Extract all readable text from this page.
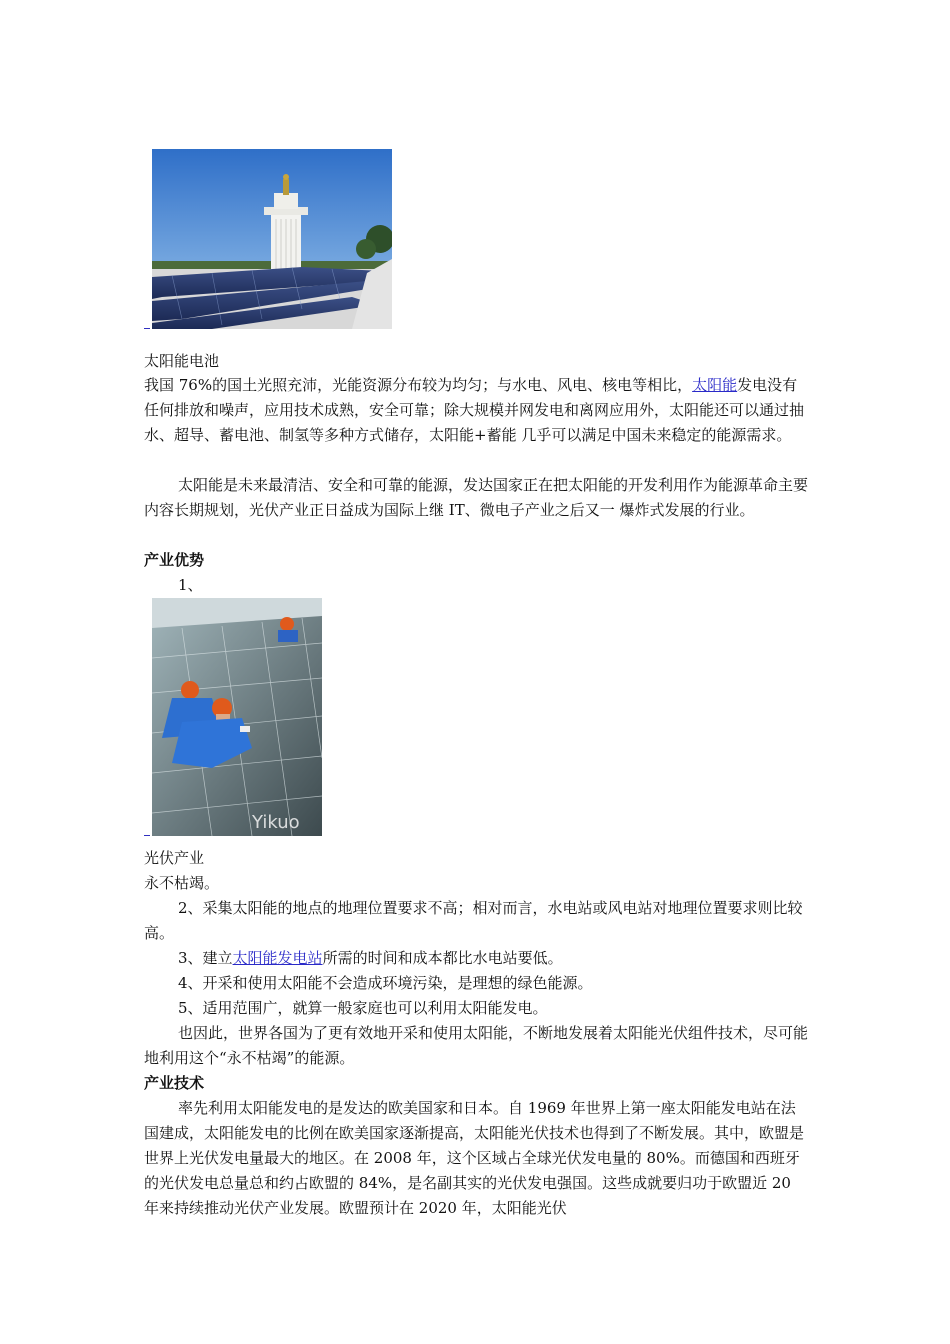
太阳能电池

我国 76%的国土光照充沛，光能资源分布较为均匀；与水电、风电、核电等相比，太阳能发电没有任何排放和噪声，应用技术成熟，安全可靠；除大规模并网发电和离网应用外，太阳能还可以通过抽水、超导、蓄电池、制氢等多种方式储存，太阳能+蓄能 几乎可以满足中国未来稳定的能源需求。

太阳能是未来最清洁、安全和可靠的能源，发达国家正在把太阳能的开发利用作为能源革命主要内容长期规划，光伏产业正日益成为国际上继 IT、微电子产业之后又一 爆炸式发展的行业。

产业优势

1、

Yikuo

光伏产业

永不枯竭。

2、采集太阳能的地点的地理位置要求不高；相对而言，水电站或风电站对地理位置要求则比较高。

3、建立太阳能发电站所需的时间和成本都比水电站要低。

4、开采和使用太阳能不会造成环境污染，是理想的绿色能源。

5、适用范围广，就算一般家庭也可以利用太阳能发电。

也因此，世界各国为了更有效地开采和使用太阳能，不断地发展着太阳能光伏组件技术，尽可能地利用这个“永不枯竭”的能源。

产业技术

率先利用太阳能发电的是发达的欧美国家和日本。自 1969 年世界上第一座太阳能发电站在法国建成，太阳能发电的比例在欧美国家逐渐提高，太阳能光伏技术也得到了不断发展。其中，欧盟是世界上光伏发电量最大的地区。在 2008 年，这个区域占全球光伏发电量的 80%。而德国和西班牙的光伏发电总量总和约占欧盟的 84%，是名副其实的光伏发电强国。这些成就要归功于欧盟近 20 年来持续推动光伏产业发展。欧盟预计在 2020 年，太阳能光伏
